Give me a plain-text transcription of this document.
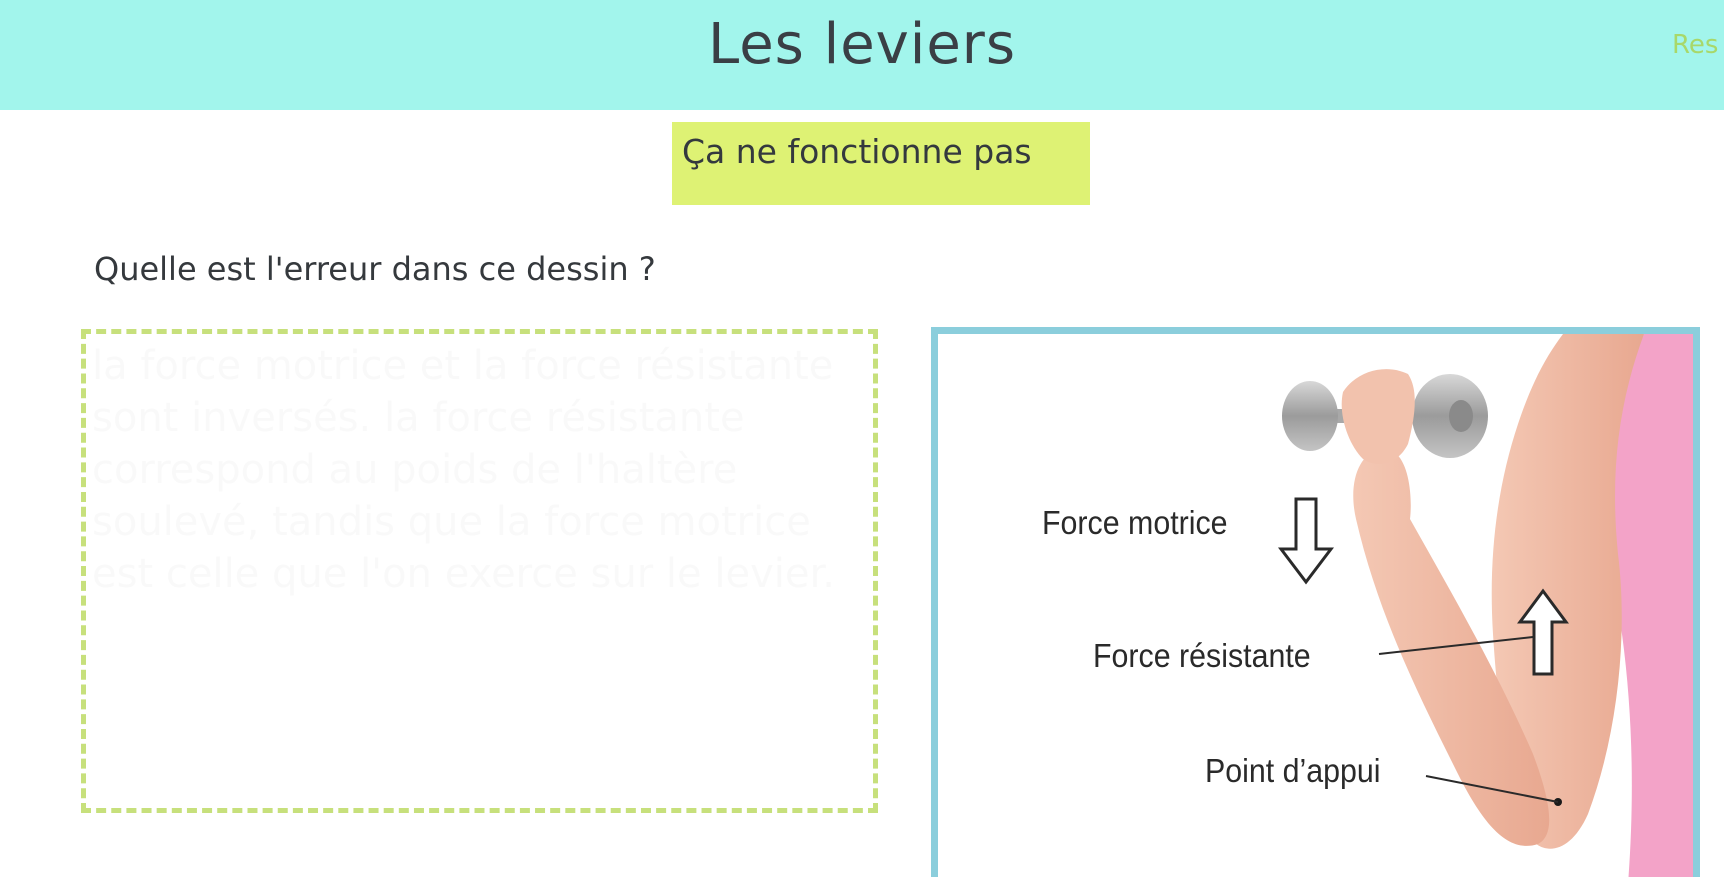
Les leviers	Res
Ça ne fonctionne pas
Quelle est l'erreur dans ce dessin ?
Force motrice
Force résistante
Point d’appui
